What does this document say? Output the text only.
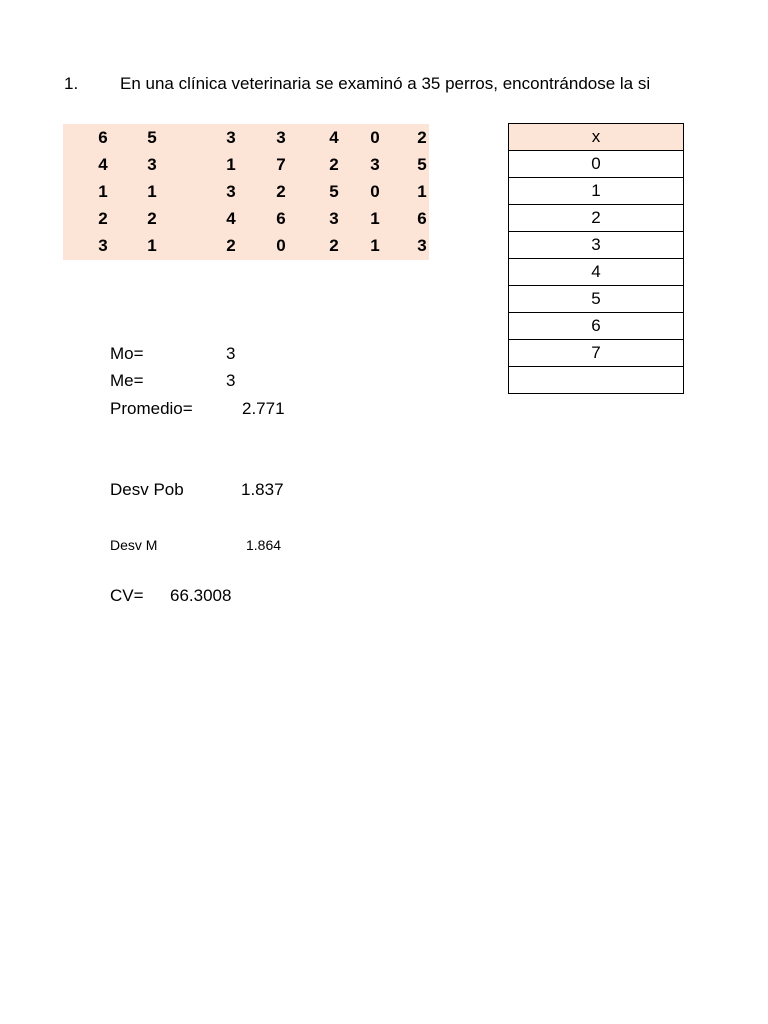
1. En una clínica veterinaria se examinó a 35 perros, encontrándose la si
6	5	3	3	4	0	2
4	3	1	7	2	3	5
1	1	3	2	5	0	1
2	2	4	6	3	1	6
3	1	2	0	2	1	3
x
0
1
2
3
4
5
6
7

Mo=	3
Me=	3
Promedio=	2.771
Desv Pob	1.837
Desv M	1.864
CV= 66.3008
